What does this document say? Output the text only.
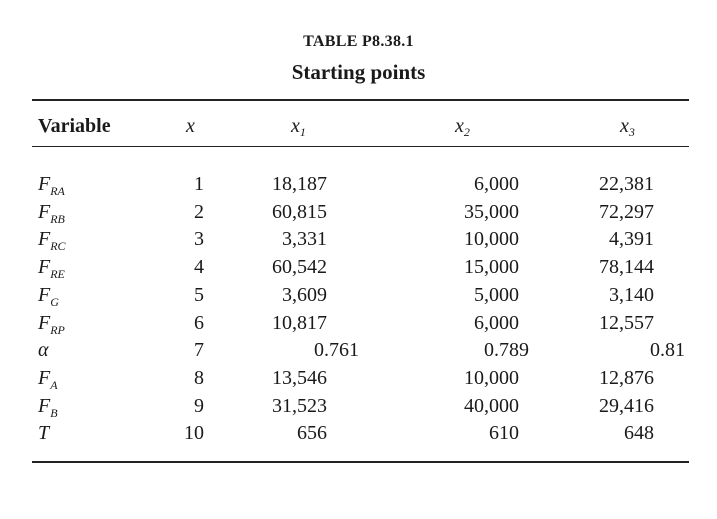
TABLE P8.38.1
Starting points
Variable	x	$x_1$	$x_2$	$x_3$
$F_{RA}$	1	18,187	6,000	22,381
$F_{RB}$	2	60,815	35,000	72,297
$F_{RC}$	3	3,331	10,000	4,391
$F_{RE}$	4	60,542	15,000	78,144
$F_G$	5	3,609	5,000	3,140
$F_{RP}$	6	10,817	6,000	12,557
α	7	0.761	0.789	0.81
$F_A$	8	13,546	10,000	12,876
$F_B$	9	31,523	40,000	29,416
T	10	656	610	648
